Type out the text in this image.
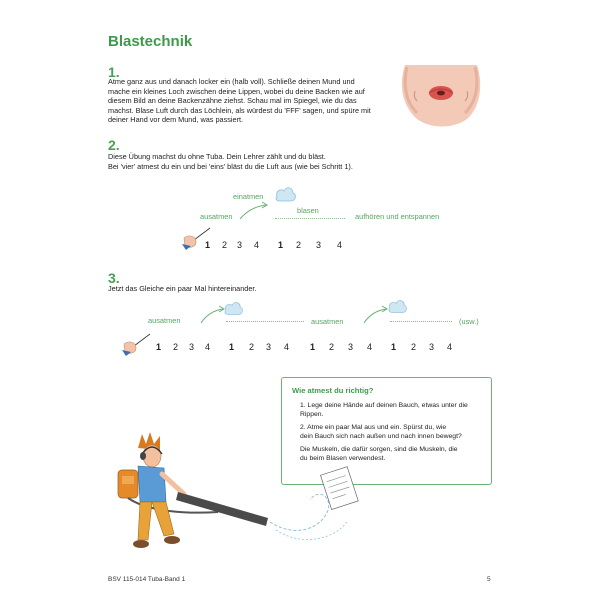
Blastechnik
1.
Atme ganz aus und danach locker ein (halb voll). Schließe deinen Mund und
mache ein kleines Loch zwischen deine Lippen, wobei du deine Backen wie auf
diesem Bild an deine Backenzähne ziehst. Schau mal im Spiegel, wie du das
machst. Blase Luft durch das Löchlein, als würdest du 'FFF' sagen, und spüre mit
deiner Hand vor dem Mund, was passiert.
2.
Diese Übung machst du ohne Tuba. Dein Lehrer zählt und du bläst.
Bei 'vier' atmest du ein und bei 'eins' bläst du die Luft aus (wie bei Schritt 1).
einatmen
ausatmen
blasen
aufhören und entspannen
1 2 3 4 1 2 3 4
3.
Jetzt das Gleiche ein paar Mal hintereinander.
ausatmen	ausatmen	(usw.)
1 2 3 4 1 2 3 4 1 2 3 4 1 2 3 4
Wie atmest du richtig?
1. Lege deine Hände auf deinen Bauch, etwas unter die
Rippen.
2. Atme ein paar Mal aus und ein. Spürst du, wie
dein Bauch sich nach außen und nach innen bewegt?
Die Muskeln, die dafür sorgen, sind die Muskeln, die
du beim Blasen verwendest.
BSV 115-014 Tuba-Band 1	5
